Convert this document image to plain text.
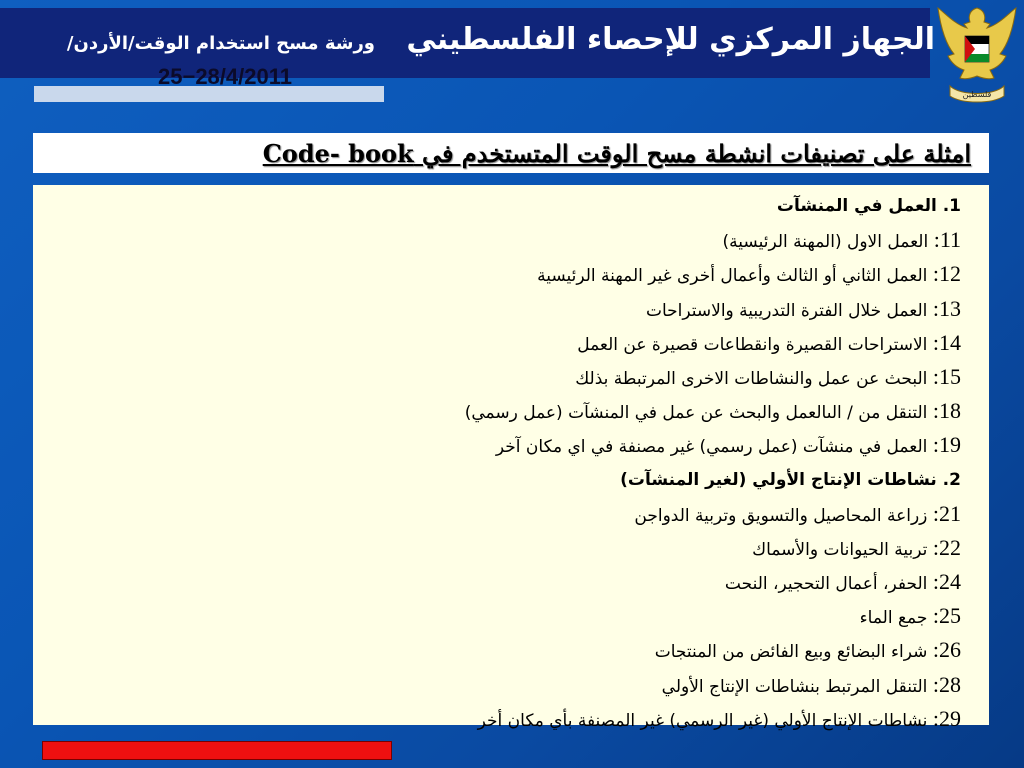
الجهاز المركزي للإحصاء الفلسطيني
ورشة مسح استخدام الوقت/الأردن/
25−28/4/2011
فلسطين
امثلة على تصنيفات انشطة مسح الوقت المتستخدم في Code- book
1. العمل في المنشآت
11: العمل الاول (المهنة الرئيسية)
12: العمل الثاني أو الثالث وأعمال أخرى غير المهنة الرئيسية
13: العمل خلال الفترة التدريبية والاستراحات
14: الاستراحات القصيرة وانقطاعات قصيرة عن العمل
15: البحث عن عمل والنشاطات الاخرى المرتبطة بذلك
18: التنقل من / الىالعمل والبحث عن عمل في المنشآت (عمل رسمي)
19: العمل في منشآت (عمل رسمي) غير مصنفة في اي مكان آخر
2. نشاطات الإنتاج الأولي (لغير المنشآت)
21: زراعة المحاصيل والتسويق وتربية الدواجن
22: تربية الحيوانات والأسماك
24: الحفر، أعمال التحجير، النحت
25: جمع الماء
26: شراء البضائع وبيع الفائض من المنتجات
28: التنقل المرتبط بنشاطات الإنتاج الأولي
29: نشاطات الإنتاج الأولي (غير الرسمي) غير المصنفة بأي مكان أخر
